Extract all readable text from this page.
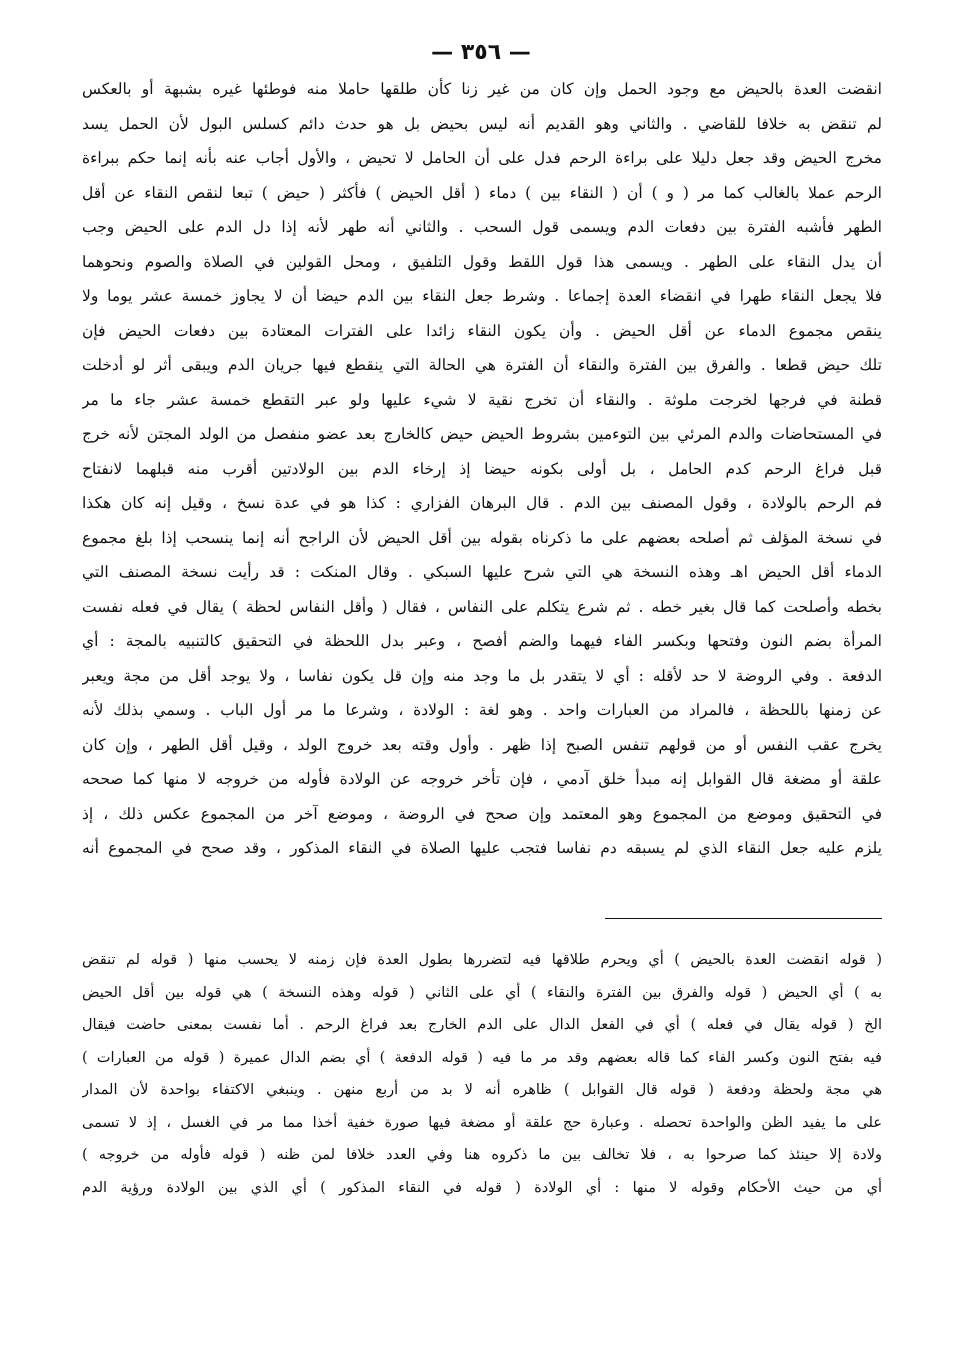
— ٣٥٦ —
انقضت العدة بالحيض مع وجود الحمل وإن كان من غير زنا كأن طلقها حاملا منه فوطئها غيره بشبهة أو بالعكس
لم تنقض به خلافا للقاضي . والثاني وهو القديم أنه ليس بحيض بل هو حدث دائم كسلس البول لأن الحمل يسد
مخرج الحيض وقد جعل دليلا على براءة الرحم فدل على أن الحامل لا تحيض ، والأول أجاب عنه بأنه إنما حكم ببراءة
الرحم عملا بالغالب كما مر ( و ) أن ( النقاء بين ) دماء ( أقل الحيض ) فأكثر ( حيض ) تبعا لنقص النقاء عن أقل
الطهر فأشبه الفترة بين دفعات الدم ويسمى قول السحب . والثاني أنه طهر لأنه إذا دل الدم على الحيض وجب
أن يدل النقاء على الطهر . ويسمى هذا قول اللقط وقول التلفيق ، ومحل القولين في الصلاة والصوم ونحوهما
فلا يجعل النقاء طهرا في انقضاء العدة إجماعا . وشرط جعل النقاء بين الدم حيضا أن لا يجاوز خمسة عشر يوما ولا
ينقص مجموع الدماء عن أقل الحيض . وأن يكون النقاء زائدا على الفترات المعتادة بين دفعات الحيض فإن
تلك حيض قطعا . والفرق بين الفترة والنقاء أن الفترة هي الحالة التي ينقطع فيها جريان الدم ويبقى أثر لو أدخلت
قطنة في فرجها لخرجت ملوثة . والنقاء أن تخرج نقية لا شيء عليها ولو عبر التقطع خمسة عشر جاء ما مر
في المستحاضات والدم المرئي بين التوءمين بشروط الحيض حيض كالخارج بعد عضو منفصل من الولد المجتن لأنه خرج
قبل فراغ الرحم كدم الحامل ، بل أولى بكونه حيضا إذ إرخاء الدم بين الولادتين أقرب منه قبلهما لانفتاح
فم الرحم بالولادة ، وقول المصنف بين الدم . قال البرهان الفزاري : كذا هو في عدة نسخ ، وقيل إنه كان هكذا
في نسخة المؤلف ثم أصلحه بعضهم على ما ذكرناه بقوله بين أقل الحيض لأن الراجح أنه إنما ينسحب إذا بلغ مجموع
الدماء أقل الحيض اهـ وهذه النسخة هي التي شرح عليها السبكي . وقال المنكت : قد رأيت نسخة المصنف التي
بخطه وأصلحت كما قال بغير خطه . ثم شرع يتكلم على النفاس ، فقال ( وأقل النفاس لحظة ) يقال في فعله نفست
المرأة بضم النون وفتحها وبكسر الفاء فيهما والضم أفصح ، وعبر بدل اللحظة في التحقيق كالتنبيه بالمجة : أي
الدفعة . وفي الروضة لا حد لأقله : أي لا يتقدر بل ما وجد منه وإن قل يكون نفاسا ، ولا يوجد أقل من مجة ويعبر
عن زمنها باللحظة ، فالمراد من العبارات واحد . وهو لغة : الولادة ، وشرعا ما مر أول الباب . وسمي بذلك لأنه
يخرج عقب النفس أو من قولهم تنفس الصبح إذا ظهر . وأول وقته بعد خروج الولد ، وقيل أقل الطهر ، وإن كان
علقة أو مضغة قال القوابل إنه مبدأ خلق آدمي ، فإن تأخر خروجه عن الولادة فأوله من خروجه لا منها كما صححه
في التحقيق وموضع من المجموع وهو المعتمد وإن صحح في الروضة ، وموضع آخر من المجموع عكس ذلك ، إذ
يلزم عليه جعل النقاء الذي لم يسبقه دم نفاسا فتجب عليها الصلاة في النقاء المذكور ، وقد صحح في المجموع أنه
( قوله انقضت العدة بالحيض ) أي ويحرم طلاقها فيه لتضررها بطول العدة فإن زمنه لا يحسب منها ( قوله لم تنقض
به ) أي الحيض ( قوله والفرق بين الفترة والنقاء ) أي على الثاني ( قوله وهذه النسخة ) هي قوله بين أقل الحيض
الخ ( قوله يقال في فعله ) أي في الفعل الدال على الدم الخارج بعد فراغ الرحم . أما نفست بمعنى حاضت فيقال
فيه بفتح النون وكسر الفاء كما قاله بعضهم وقد مر ما فيه ( قوله الدفعة ) أي بضم الدال عميرة ( قوله من العبارات )
هي مجة ولحظة ودفعة ( قوله قال القوابل ) ظاهره أنه لا بد من أربع منهن . وينبغي الاكتفاء بواحدة لأن المدار
على ما يفيد الظن والواحدة تحصله . وعبارة حج علقة أو مضغة فيها صورة خفية أخذا مما مر في الغسل ، إذ لا تسمى
ولادة إلا حينئذ كما صرحوا به ، فلا تخالف بين ما ذكروه هنا وفي العدد خلافا لمن ظنه ( قوله فأوله من خروجه )
أي من حيث الأحكام وقوله لا منها : أي الولادة ( قوله في النقاء المذكور ) أي الذي بين الولادة ورؤية الدم
